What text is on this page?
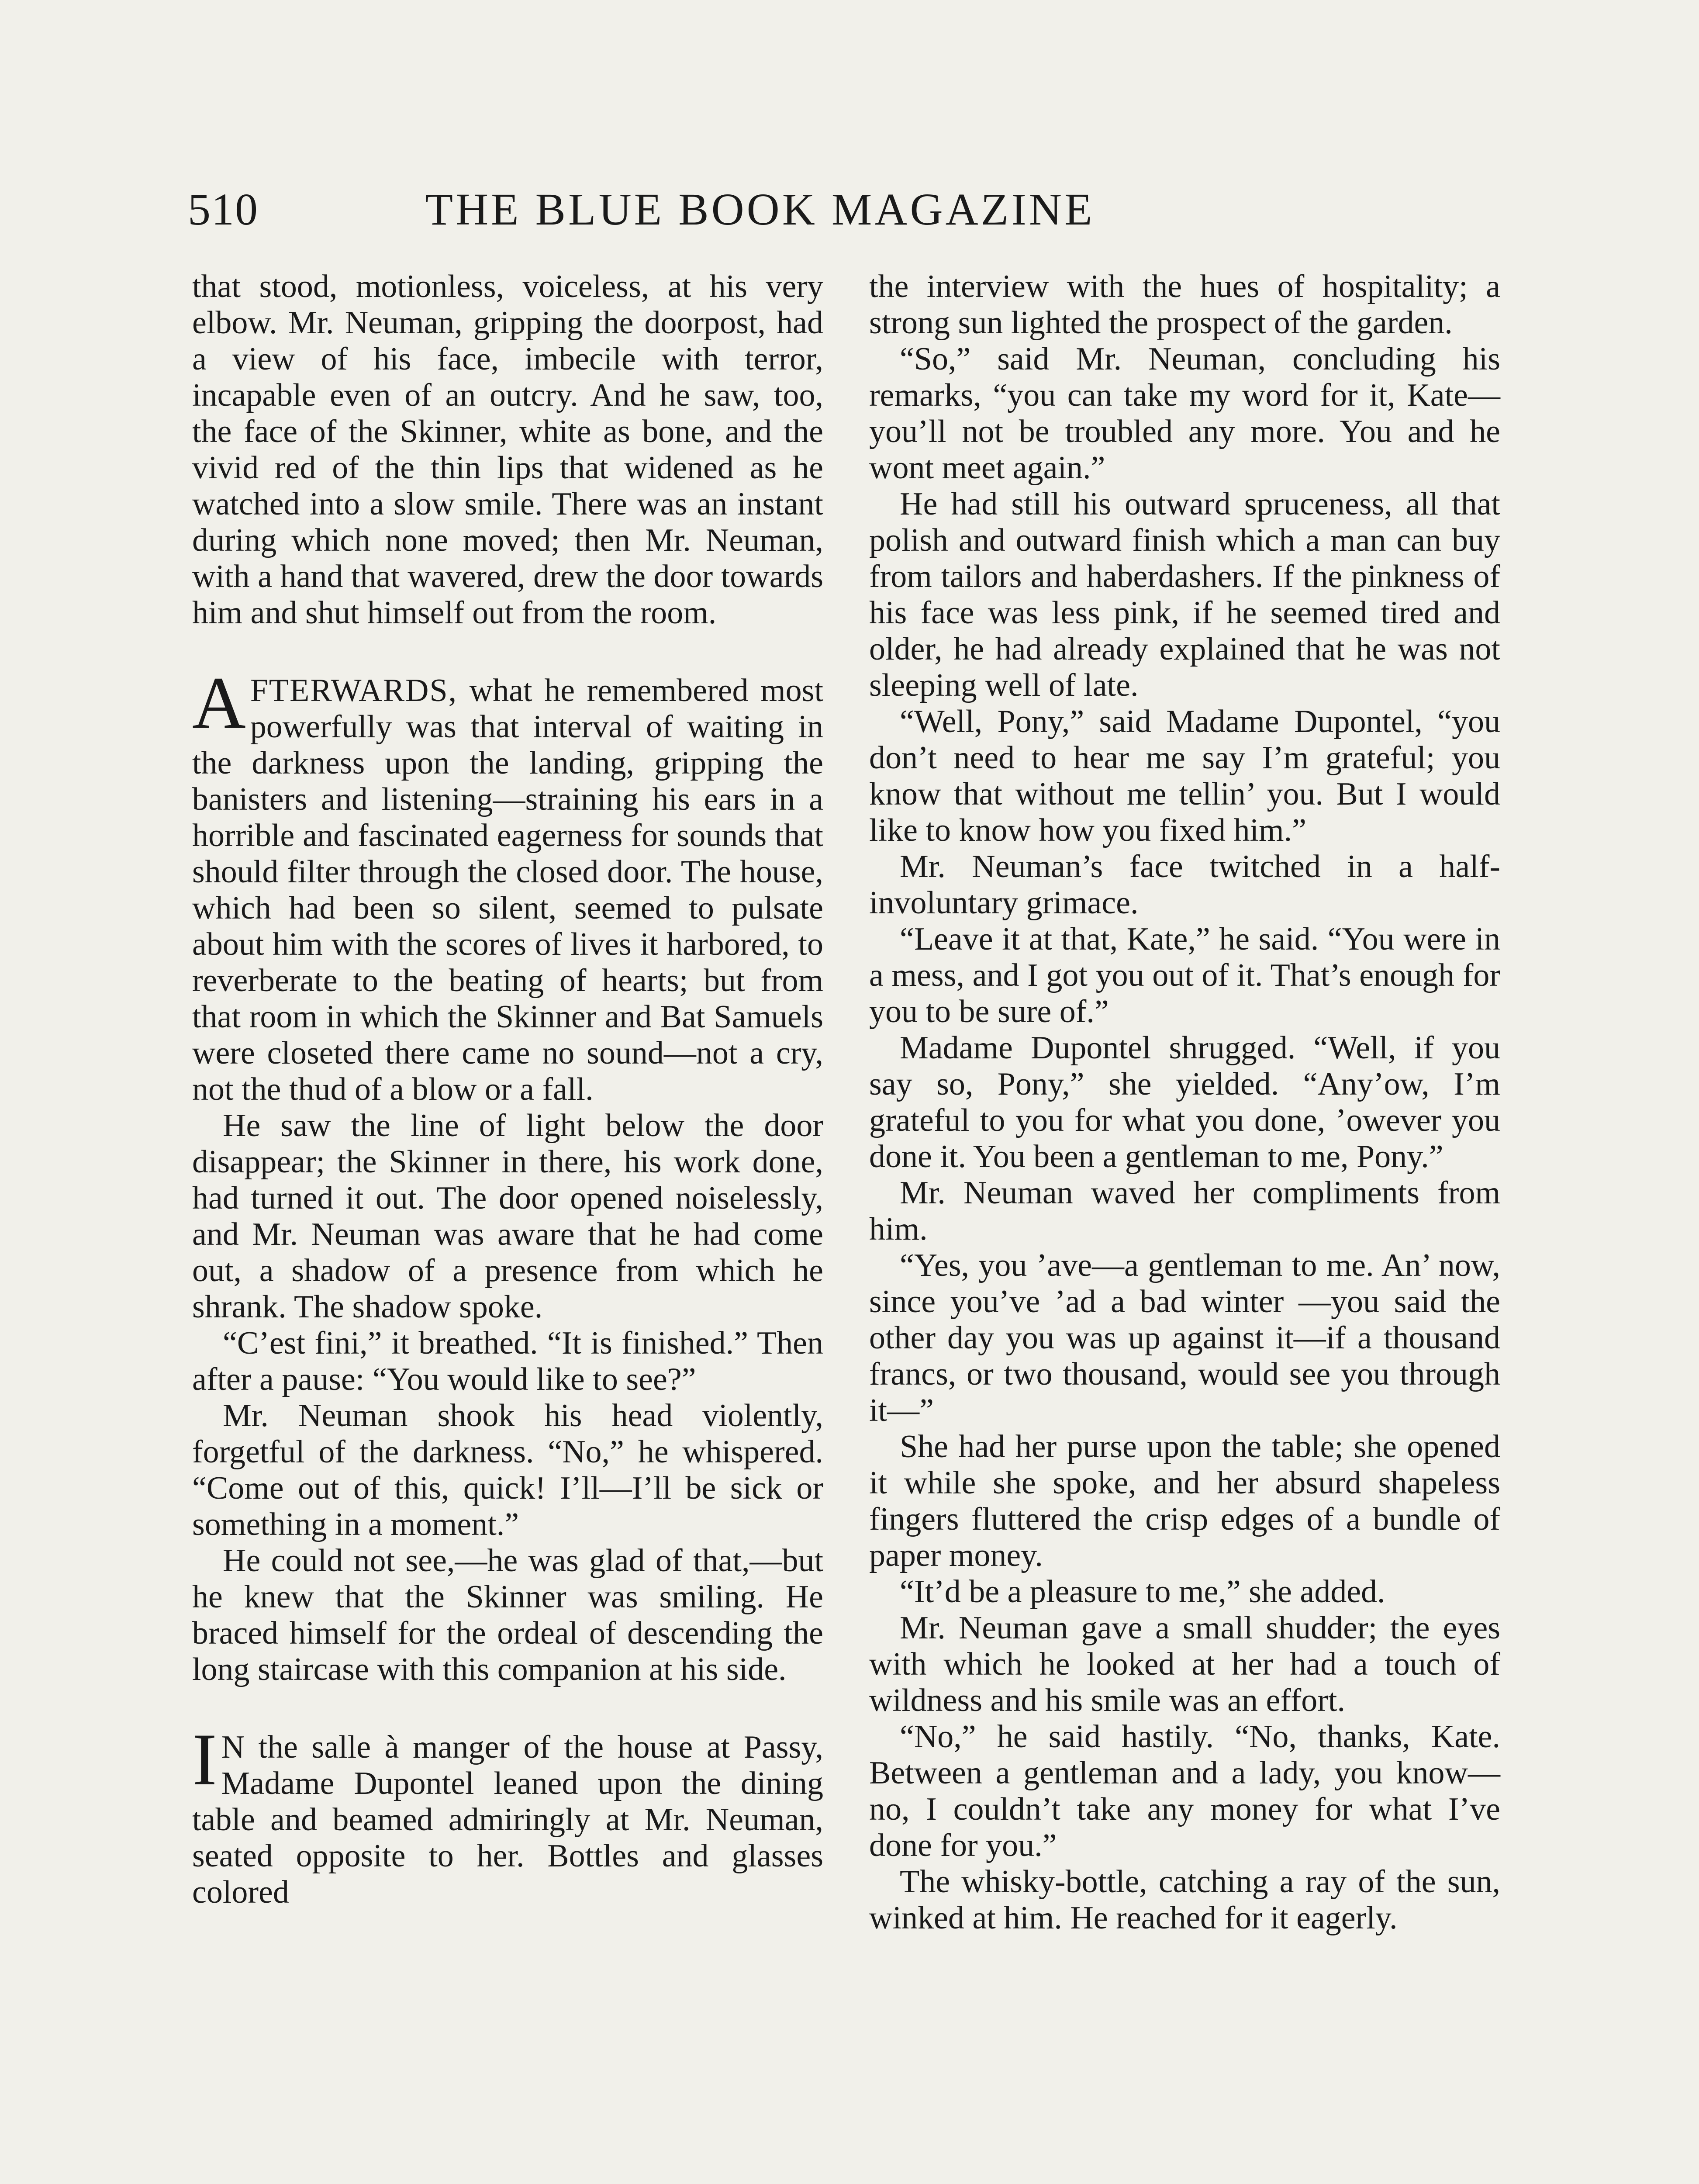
510	THE BLUE BOOK MAGAZINE

that stood, motionless, voiceless, at his very elbow. Mr. Neuman, gripping the doorpost, had a view of his face, imbecile with terror, incapable even of an outcry. And he saw, too, the face of the Skinner, white as bone, and the vivid red of the thin lips that widened as he watched into a slow smile. There was an instant during which none moved; then Mr. Neuman, with a hand that wavered, drew the door towards him and shut himself out from the room.

AFTERWARDS, what he remembered most powerfully was that interval of waiting in the darkness upon the landing, gripping the banisters and listening—straining his ears in a horrible and fascinated eagerness for sounds that should filter through the closed door. The house, which had been so silent, seemed to pulsate about him with the scores of lives it harbored, to reverberate to the beating of hearts; but from that room in which the Skinner and Bat Samuels were closeted there came no sound—not a cry, not the thud of a blow or a fall.

He saw the line of light below the door disappear; the Skinner in there, his work done, had turned it out. The door opened noiselessly, and Mr. Neuman was aware that he had come out, a shadow of a presence from which he shrank. The shadow spoke.

“C’est fini,” it breathed. “It is finished.” Then after a pause: “You would like to see?”

Mr. Neuman shook his head violently, forgetful of the darkness. “No,” he whispered. “Come out of this, quick! I’ll—I’ll be sick or something in a moment.”

He could not see,—he was glad of that,—but he knew that the Skinner was smiling. He braced himself for the ordeal of descending the long staircase with this companion at his side.

I N the salle à manger of the house at Passy, Madame Dupontel leaned upon the dining table and beamed admiringly at Mr. Neuman, seated opposite to her. Bottles and glasses colored

the interview with the hues of hospitality; a strong sun lighted the prospect of the garden.

“So,” said Mr. Neuman, concluding his remarks, “you can take my word for it, Kate—you’ll not be troubled any more. You and he wont meet again.”

He had still his outward spruceness, all that polish and outward finish which a man can buy from tailors and haberdashers. If the pinkness of his face was less pink, if he seemed tired and older, he had already explained that he was not sleeping well of late.

“Well, Pony,” said Madame Dupontel, “you don’t need to hear me say I’m grateful; you know that without me tellin’ you. But I would like to know how you fixed him.”

Mr. Neuman’s face twitched in a half-involuntary grimace.

“Leave it at that, Kate,” he said. “You were in a mess, and I got you out of it. That’s enough for you to be sure of.”

Madame Dupontel shrugged. “Well, if you say so, Pony,” she yielded. “Any’ow, I’m grateful to you for what you done, ’owever you done it. You been a gentleman to me, Pony.”

Mr. Neuman waved her compliments from him.

“Yes, you ’ave—a gentleman to me. An’ now, since you’ve ’ad a bad winter —you said the other day you was up against it—if a thousand francs, or two thousand, would see you through it—”

She had her purse upon the table; she opened it while she spoke, and her absurd shapeless fingers fluttered the crisp edges of a bundle of paper money.

“It’d be a pleasure to me,” she added.

Mr. Neuman gave a small shudder; the eyes with which he looked at her had a touch of wildness and his smile was an effort.

“No,” he said hastily. “No, thanks, Kate. Between a gentleman and a lady, you know—no, I couldn’t take any money for what I’ve done for you.”

The whisky-bottle, catching a ray of the sun, winked at him. He reached for it eagerly.
